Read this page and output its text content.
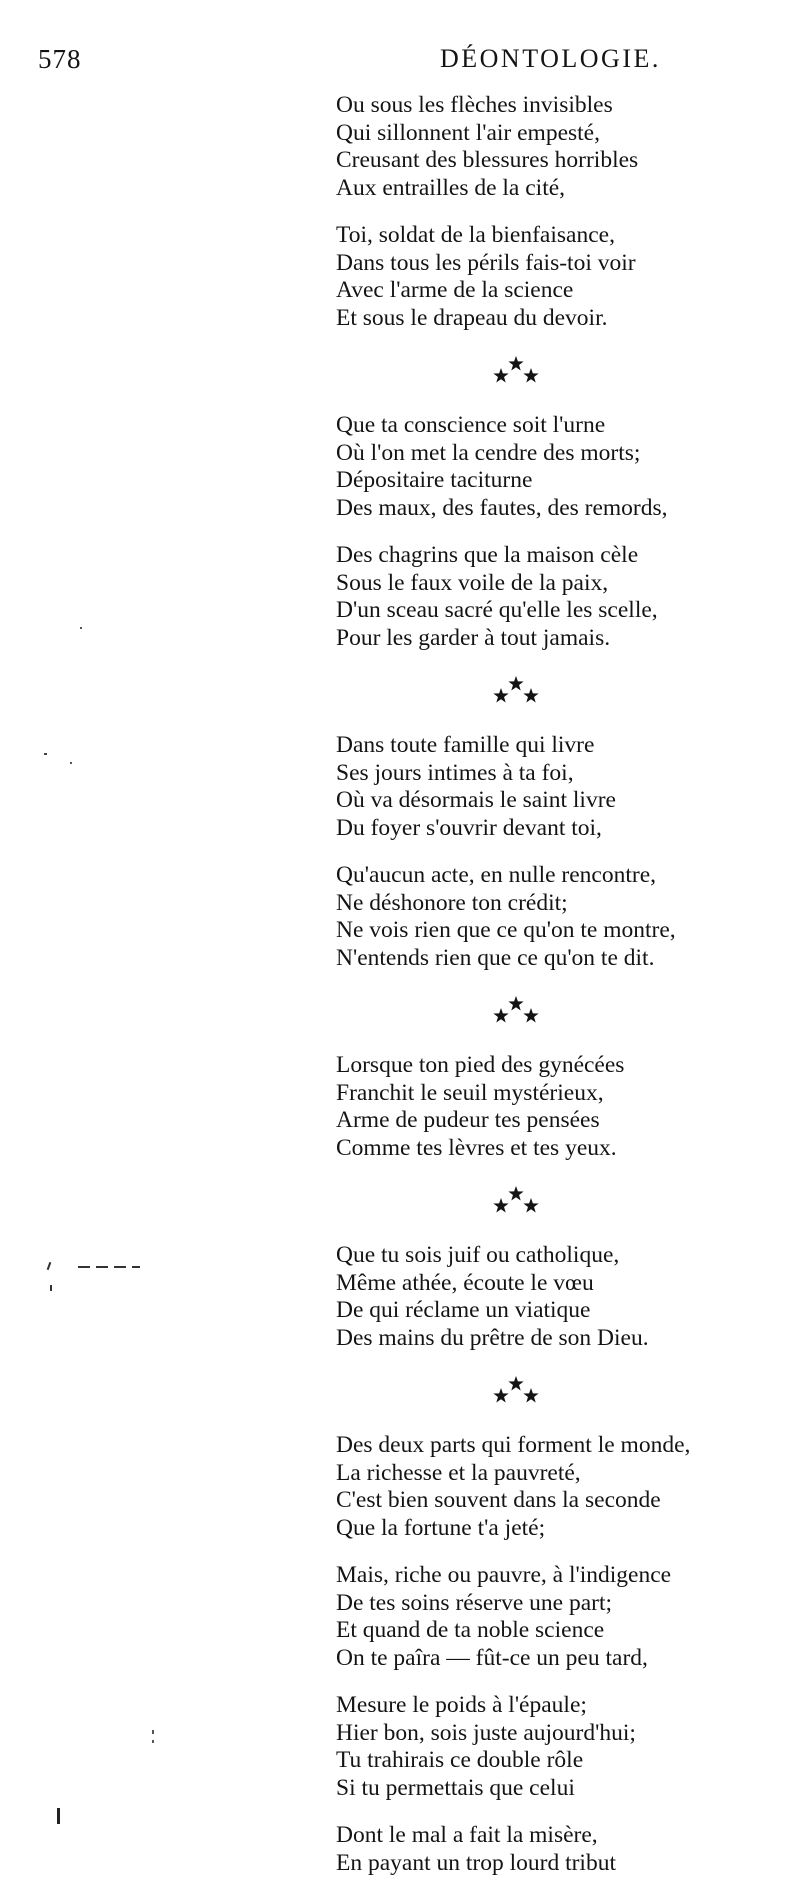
578	DÉONTOLOGIE.
Ou sous les flèches invisibles
Qui sillonnent l'air empesté,
Creusant des blessures horribles
Aux entrailles de la cité,
Toi, soldat de la bienfaisance,
Dans tous les périls fais-toi voir
Avec l'arme de la science
Et sous le drapeau du devoir.
Que ta conscience soit l'urne
Où l'on met la cendre des morts;
Dépositaire taciturne
Des maux, des fautes, des remords,
Des chagrins que la maison cèle
Sous le faux voile de la paix,
D'un sceau sacré qu'elle les scelle,
Pour les garder à tout jamais.
Dans toute famille qui livre
Ses jours intimes à ta foi,
Où va désormais le saint livre
Du foyer s'ouvrir devant toi,
Qu'aucun acte, en nulle rencontre,
Ne déshonore ton crédit;
Ne vois rien que ce qu'on te montre,
N'entends rien que ce qu'on te dit.
Lorsque ton pied des gynécées
Franchit le seuil mystérieux,
Arme de pudeur tes pensées
Comme tes lèvres et tes yeux.
Que tu sois juif ou catholique,
Même athée, écoute le vœu
De qui réclame un viatique
Des mains du prêtre de son Dieu.
Des deux parts qui forment le monde,
La richesse et la pauvreté,
C'est bien souvent dans la seconde
Que la fortune t'a jeté;
Mais, riche ou pauvre, à l'indigence
De tes soins réserve une part;
Et quand de ta noble science
On te paîra — fût-ce un peu tard,
Mesure le poids à l'épaule;
Hier bon, sois juste aujourd'hui;
Tu trahirais ce double rôle
Si tu permettais que celui
Dont le mal a fait la misère,
En payant un trop lourd tribut
